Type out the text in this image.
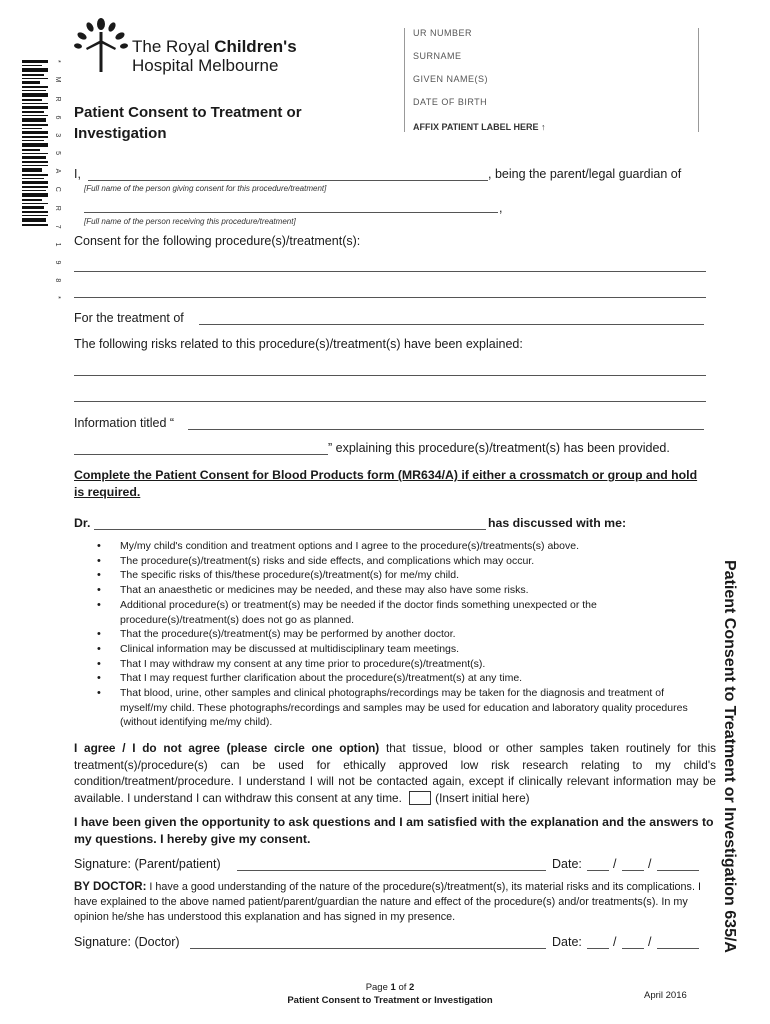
* M R 6 3 5 A C R 7 1 9 8 *
The Royal Children's
Hospital Melbourne
Patient Consent to Treatment or
Investigation
UR NUMBER
SURNAME
GIVEN NAME(S)
DATE OF BIRTH
AFFIX PATIENT LABEL HERE ↑
I,	, being the parent/legal guardian of
[Full name of the person giving consent for this procedure/treatment]
,
[Full name of the person receiving this procedure/treatment]
Consent for the following procedure(s)/treatment(s):
For the treatment of
The following risks related to this procedure(s)/treatment(s) have been explained:
Information titled “
” explaining this procedure(s)/treatment(s) has been provided.
Complete the Patient Consent for Blood Products form (MR634/A) if either a crossmatch or group and hold is required.
Dr.	has discussed with me:
• My/my child's condition and treatment options and I agree to the procedure(s)/treatments(s) above.
• The procedure(s)/treatment(s) risks and side effects, and complications which may occur.
• The specific risks of this/these procedure(s)/treatment(s) for me/my child.
• That an anaesthetic or medicines may be needed, and these may also have some risks.
• Additional procedure(s) or treatment(s) may be needed if the doctor finds something unexpected or the procedure(s)/treatment(s) does not go as planned.
• That the procedure(s)/treatment(s) may be performed by another doctor.
• Clinical information may be discussed at multidisciplinary team meetings.
• That I may withdraw my consent at any time prior to procedure(s)/treatment(s).
• That I may request further clarification about the procedure(s)/treatment(s) at any time.
• That blood, urine, other samples and clinical photographs/recordings may be taken for the diagnosis and treatment of myself/my child. These photographs/recordings and samples may be used for education and laboratory quality procedures (without identifying me/my child).
I agree / I do not agree (please circle one option) that tissue, blood or other samples taken routinely for this treatment(s)/procedure(s) can be used for ethically approved low risk research relating to my child's condition/treatment/procedure. I understand I will not be contacted again, except if clinically relevant information may be available. I understand I can withdraw this consent at any time.	(Insert initial here)
I have been given the opportunity to ask questions and I am satisfied with the explanation and the answers to my questions. I hereby give my consent.
Signature: (Parent/patient)	Date: /	/
BY DOCTOR: I have a good understanding of the nature of the procedure(s)/treatment(s), its material risks and its complications. I have explained to the above named patient/parent/guardian the nature and effect of the procedure(s) and/or treatments(s). In my opinion he/she has understood this explanation and has signed in my presence.
Signature: (Doctor)	Date: /	/
Page 1 of 2
Patient Consent to Treatment or Investigation	April 2016
Patient Consent to Treatment or Investigation 635/A
